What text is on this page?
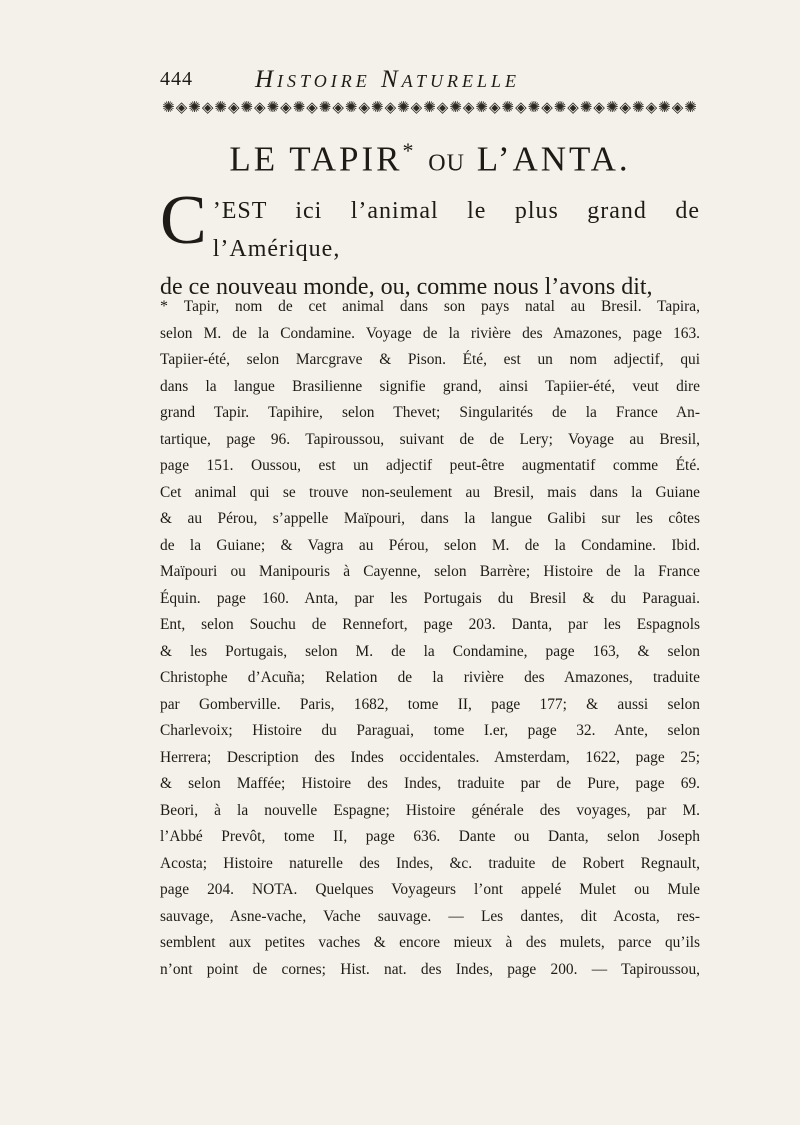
444 Histoire Naturelle
✺◈✺◈✺◈✺◈✺◈✺◈✺◈✺◈✺◈✺◈✺◈✺◈✺◈✺◈✺◈✺◈✺◈✺◈✺◈✺◈✺
LE TAPIR* OU L’ANTA.
C ’EST ici l’animal le plus grand de l’Amérique,
de ce nouveau monde, ou, comme nous l’avons dit,
* Tapir, nom de cet animal dans son pays natal au Bresil. Tapira,
selon M. de la Condamine. Voyage de la rivière des Amazones, page 163.
Tapiier-été, selon Marcgrave & Pison. Été, est un nom adjectif, qui
dans la langue Brasilienne signifie grand, ainsi Tapiier-été, veut dire
grand Tapir. Tapihire, selon Thevet; Singularités de la France An-
tartique, page 96. Tapiroussou, suivant de de Lery; Voyage au Bresil,
page 151. Oussou, est un adjectif peut-être augmentatif comme Été.
Cet animal qui se trouve non-seulement au Bresil, mais dans la Guiane
& au Pérou, s’appelle Maïpouri, dans la langue Galibi sur les côtes
de la Guiane; & Vagra au Pérou, selon M. de la Condamine. Ibid.
Maïpouri ou Manipouris à Cayenne, selon Barrère; Histoire de la France
Équin. page 160. Anta, par les Portugais du Bresil & du Paraguai.
Ent, selon Souchu de Rennefort, page 203. Danta, par les Espagnols
& les Portugais, selon M. de la Condamine, page 163, & selon
Christophe d’Acuña; Relation de la rivière des Amazones, traduite
par Gomberville. Paris, 1682, tome II, page 177; & aussi selon
Charlevoix; Histoire du Paraguai, tome I.er, page 32. Ante, selon
Herrera; Description des Indes occidentales. Amsterdam, 1622, page 25;
& selon Maffée; Histoire des Indes, traduite par de Pure, page 69.
Beori, à la nouvelle Espagne; Histoire générale des voyages, par M.
l’Abbé Prevôt, tome II, page 636. Dante ou Danta, selon Joseph
Acosta; Histoire naturelle des Indes, &c. traduite de Robert Regnault,
page 204. NOTA. Quelques Voyageurs l’ont appelé Mulet ou Mule
sauvage, Asne-vache, Vache sauvage. — Les dantes, dit Acosta, res-
semblent aux petites vaches & encore mieux à des mulets, parce qu’ils
n’ont point de cornes; Hist. nat. des Indes, page 200. — Tapiroussou,
